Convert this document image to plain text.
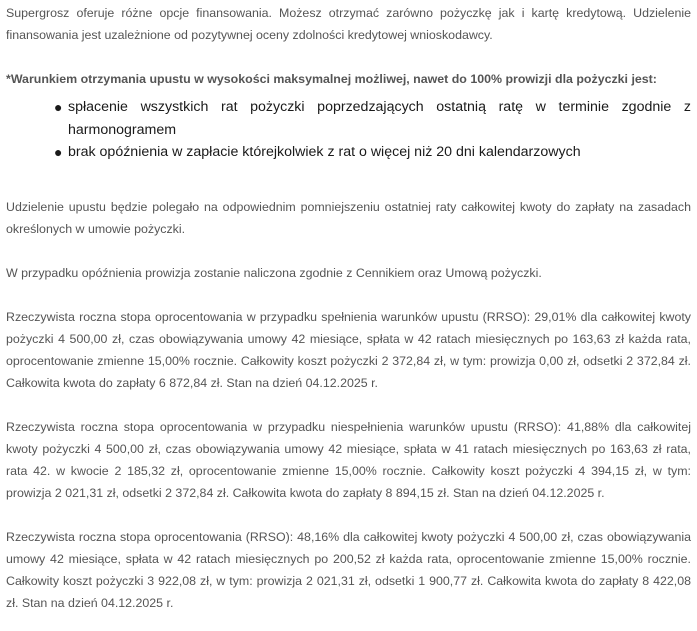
Supergrosz oferuje różne opcje finansowania. Możesz otrzymać zarówno pożyczkę jak i kartę kredytową. Udzielenie finansowania jest uzależnione od pozytywnej oceny zdolności kredytowej wnioskodawcy.

*Warunkiem otrzymania upustu w wysokości maksymalnej możliwej, nawet do 100% prowizji dla pożyczki jest:

● spłacenie wszystkich rat pożyczki poprzedzających ostatnią ratę w terminie zgodnie z harmonogramem
● brak opóźnienia w zapłacie którejkolwiek z rat o więcej niż 20 dni kalendarzowych

Udzielenie upustu będzie polegało na odpowiednim pomniejszeniu ostatniej raty całkowitej kwoty do zapłaty na zasadach określonych w umowie pożyczki.

W przypadku opóźnienia prowizja zostanie naliczona zgodnie z Cennikiem oraz Umową pożyczki.

Rzeczywista roczna stopa oprocentowania w przypadku spełnienia warunków upustu (RRSO): 29,01% dla całkowitej kwoty pożyczki 4 500,00 zł, czas obowiązywania umowy 42 miesiące, spłata w 42 ratach miesięcznych po 163,63 zł każda rata, oprocentowanie zmienne 15,00% rocznie. Całkowity koszt pożyczki 2 372,84 zł, w tym: prowizja 0,00 zł, odsetki 2 372,84 zł. Całkowita kwota do zapłaty 6 872,84 zł. Stan na dzień 04.12.2025 r.

Rzeczywista roczna stopa oprocentowania w przypadku niespełnienia warunków upustu (RRSO): 41,88% dla całkowitej kwoty pożyczki 4 500,00 zł, czas obowiązywania umowy 42 miesiące, spłata w 41 ratach miesięcznych po 163,63 zł rata, rata 42. w kwocie 2 185,32 zł, oprocentowanie zmienne 15,00% rocznie. Całkowity koszt pożyczki 4 394,15 zł, w tym: prowizja 2 021,31 zł, odsetki 2 372,84 zł. Całkowita kwota do zapłaty 8 894,15 zł. Stan na dzień 04.12.2025 r.

Rzeczywista roczna stopa oprocentowania (RRSO): 48,16% dla całkowitej kwoty pożyczki 4 500,00 zł, czas obowiązywania umowy 42 miesiące, spłata w 42 ratach miesięcznych po 200,52 zł każda rata, oprocentowanie zmienne 15,00% rocznie. Całkowity koszt pożyczki 3 922,08 zł, w tym: prowizja 2 021,31 zł, odsetki 1 900,77 zł. Całkowita kwota do zapłaty 8 422,08 zł. Stan na dzień 04.12.2025 r.
